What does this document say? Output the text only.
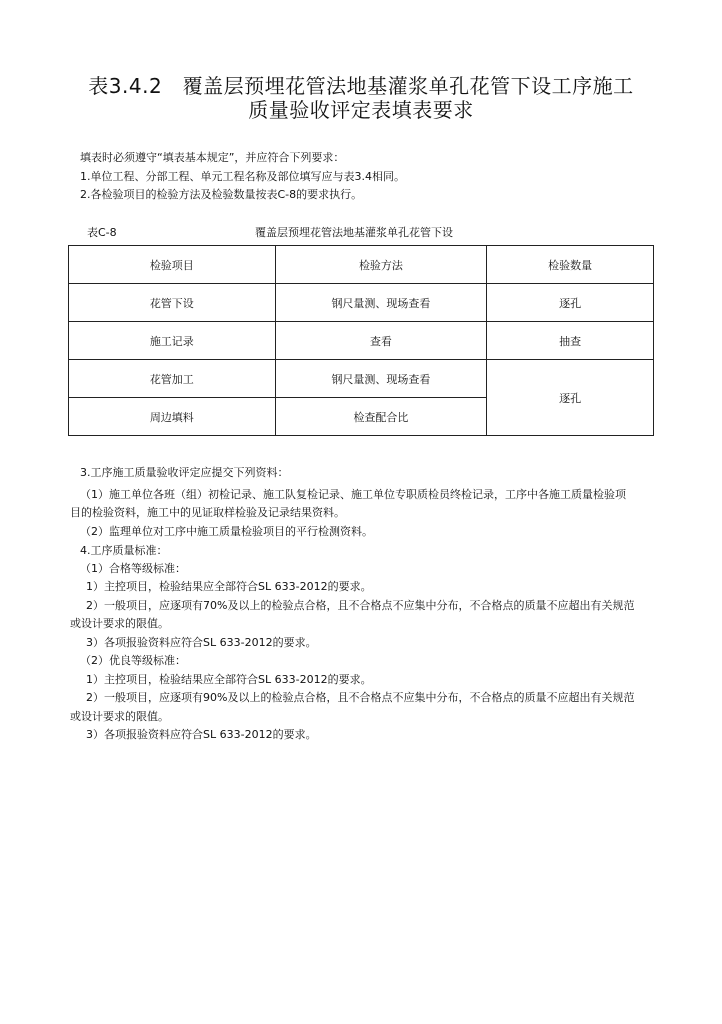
表3.4.2　覆盖层预埋花管法地基灌浆单孔花管下设工序施工
质量验收评定表填表要求
填表时必须遵守“填表基本规定”，并应符合下列要求：
1.单位工程、分部工程、单元工程名称及部位填写应与表3.4相同。
2.各检验项目的检验方法及检验数量按表C-8的要求执行。
表C-8	覆盖层预埋花管法地基灌浆单孔花管下设
检验项目	检验方法	检验数量
花管下设	钢尺量测、现场查看	逐孔
施工记录	查看	抽查
花管加工	钢尺量测、现场查看	逐孔
周边填料	检查配合比	
3.工序施工质量验收评定应提交下列资料：
（1）施工单位各班（组）初检记录、施工队复检记录、施工单位专职质检员终检记录，工序中各施工质量检验项
目的检验资料，施工中的见证取样检验及记录结果资料。
（2）监理单位对工序中施工质量检验项目的平行检测资料。
4.工序质量标准：
（1）合格等级标准：
1）主控项目，检验结果应全部符合SL 633-2012的要求。
2）一般项目，应逐项有70%及以上的检验点合格，且不合格点不应集中分布，不合格点的质量不应超出有关规范
或设计要求的限值。
3）各项报验资料应符合SL 633-2012的要求。
（2）优良等级标准：
1）主控项目，检验结果应全部符合SL 633-2012的要求。
2）一般项目，应逐项有90%及以上的检验点合格，且不合格点不应集中分布，不合格点的质量不应超出有关规范
或设计要求的限值。
3）各项报验资料应符合SL 633-2012的要求。
